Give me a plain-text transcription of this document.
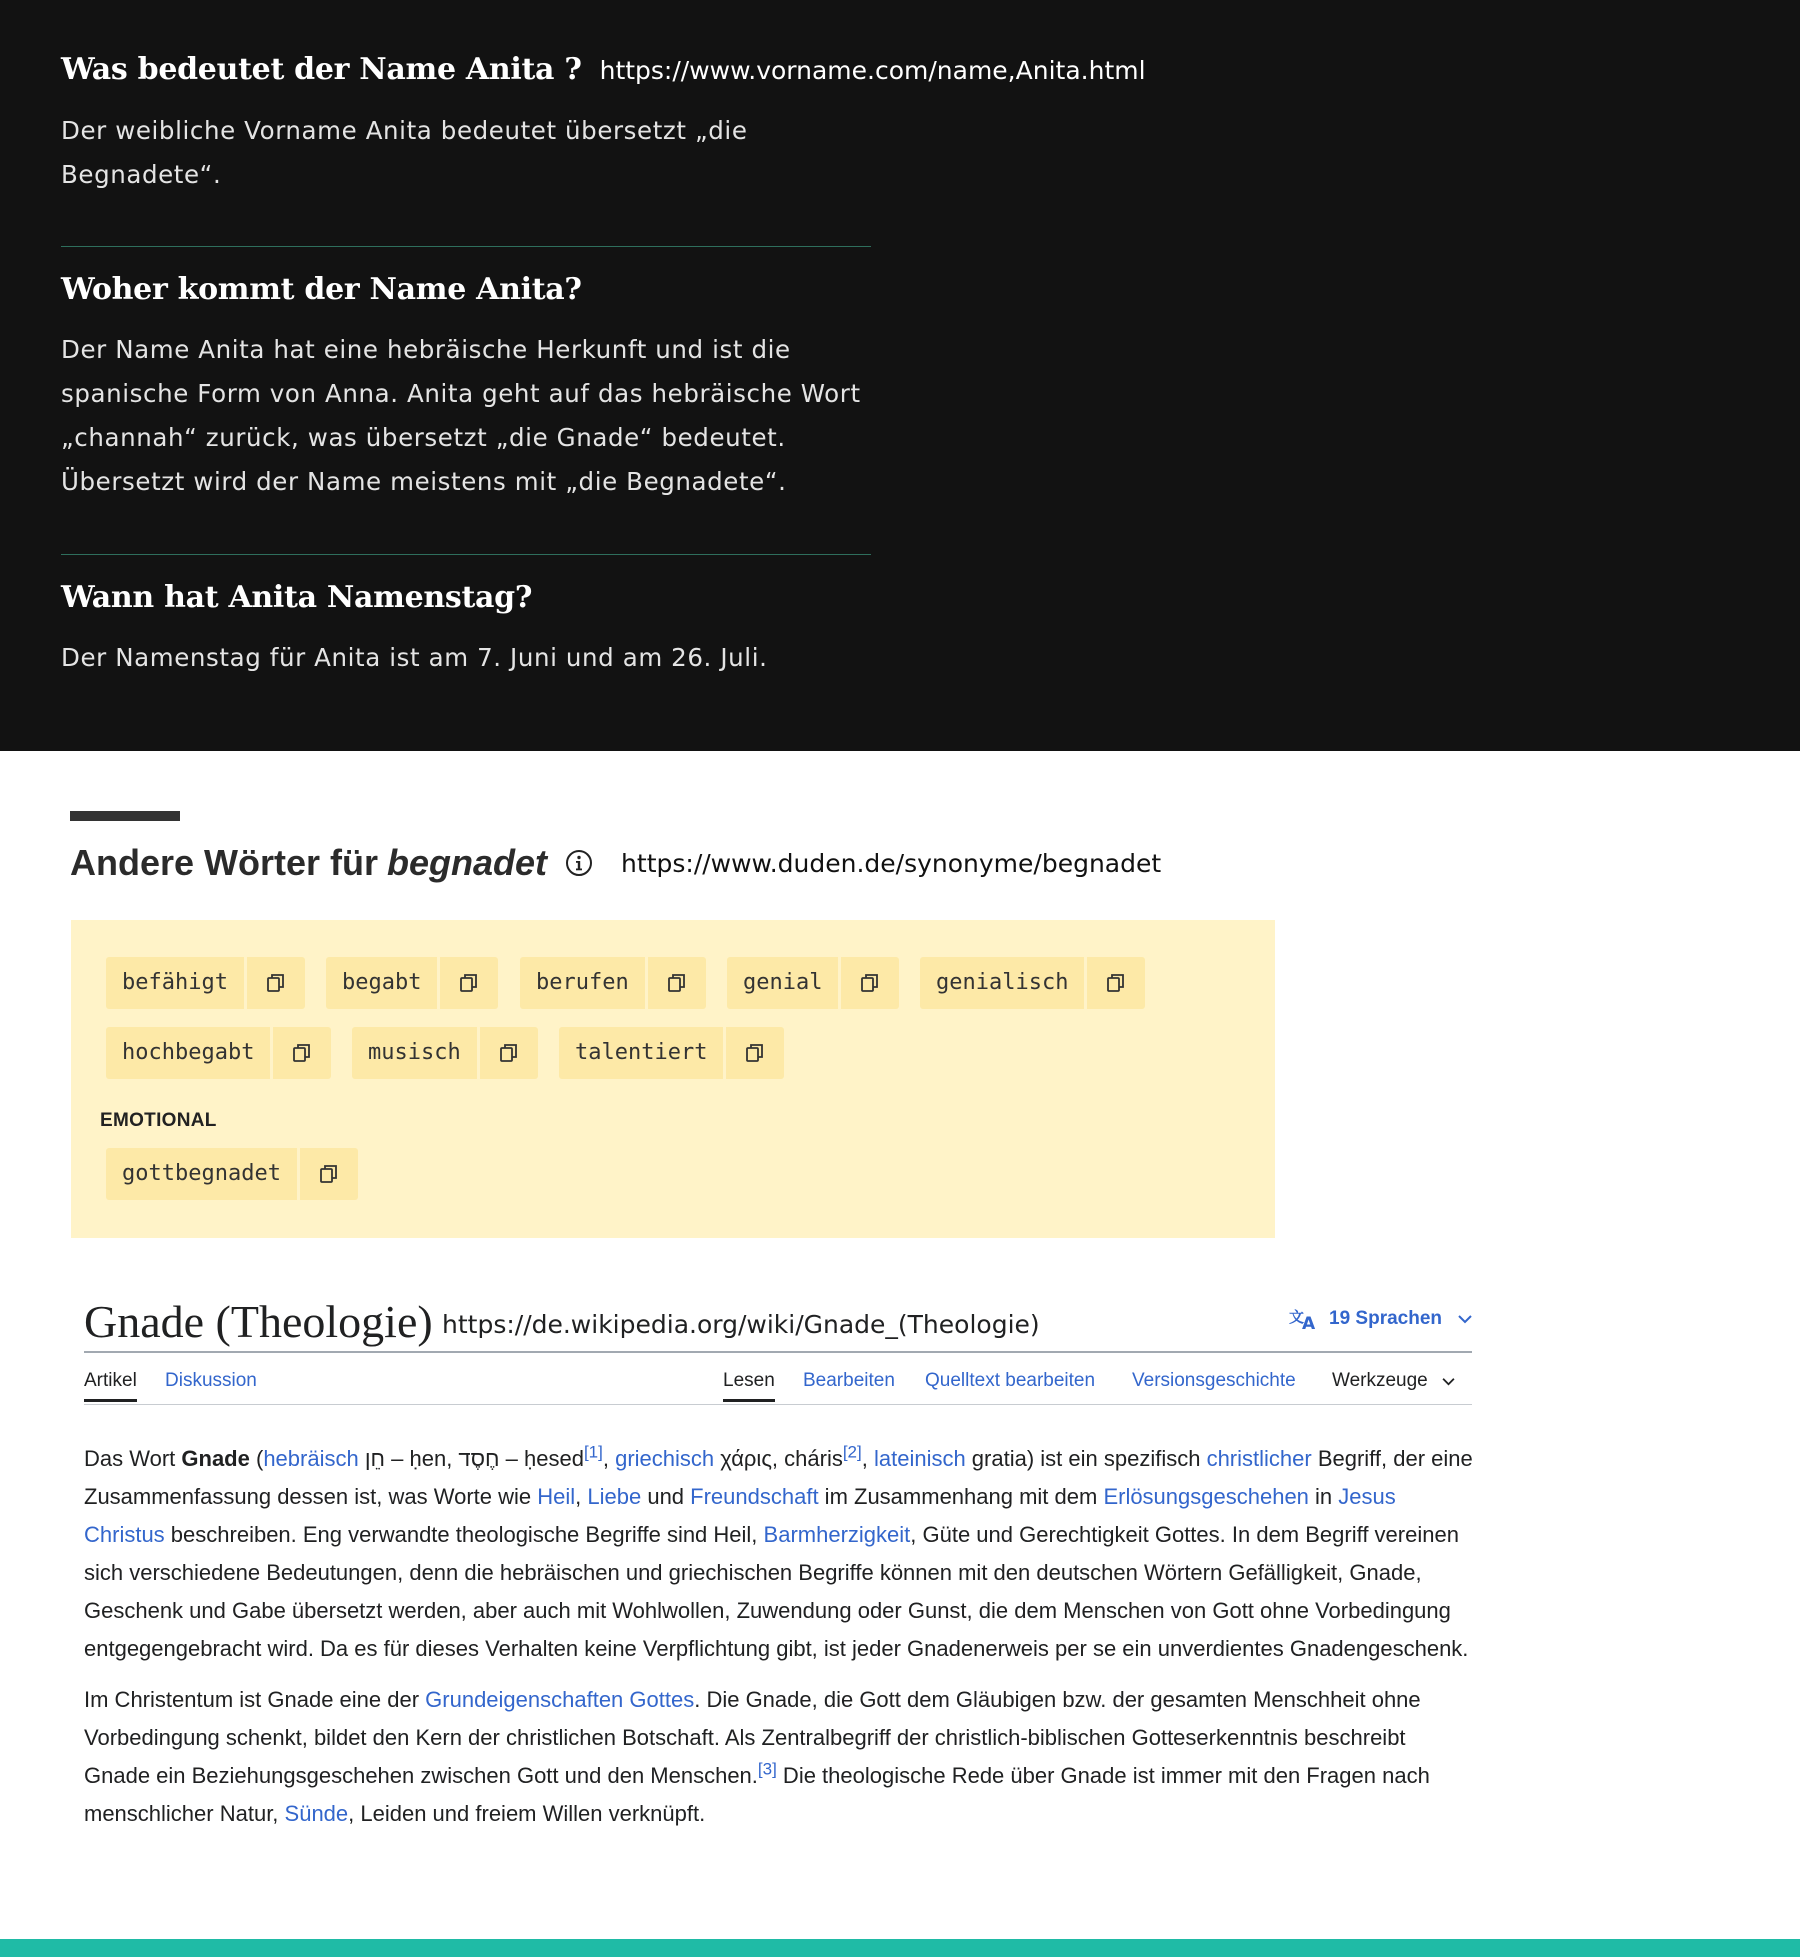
Was bedeutet der Name Anita ? https://www.vorname.com/name,Anita.html

Der weibliche Vorname Anita bedeutet übersetzt „die
Begnadete“.

Woher kommt der Name Anita?

Der Name Anita hat eine hebräische Herkunft und ist die
spanische Form von Anna. Anita geht auf das hebräische Wort
„channah“ zurück, was übersetzt „die Gnade“ bedeutet.
Übersetzt wird der Name meistens mit „die Begnadete“.

Wann hat Anita Namenstag?

Der Namenstag für Anita ist am 7. Juni und am 26. Juli.

Andere Wörter für begnadet	https://www.duden.de/synonyme/begnadet
befähigt	begabt	berufen	genial	genialisch
hochbegabt	musisch	talentiert
EMOTIONAL
gottbegnadet
Gnade (Theologie) https://de.wikipedia.org/wiki/Gnade_(Theologie)	文
A 19 Sprachen
Artikel Diskussion	Lesen Bearbeiten Quelltext bearbeiten Versionsgeschichte Werkzeuge

Das Wort Gnade (hebräisch חֵן – ḥen, חֶסֶד – ḥesed[1], griechisch χάρις, cháris[2], lateinisch gratia) ist ein spezifisch christlicher Begriff, der eine Zusammenfassung dessen ist, was Worte wie Heil, Liebe und Freundschaft im Zusammenhang mit dem Erlösungsgeschehen in Jesus Christus beschreiben. Eng verwandte theologische Begriffe sind Heil, Barmherzigkeit, Güte und Gerechtigkeit Gottes. In dem Begriff vereinen sich verschiedene Bedeutungen, denn die hebräischen und griechischen Begriffe können mit den deutschen Wörtern Gefälligkeit, Gnade, Geschenk und Gabe übersetzt werden, aber auch mit Wohlwollen, Zuwendung oder Gunst, die dem Menschen von Gott ohne Vorbedingung entgegengebracht wird. Da es für dieses Verhalten keine Verpflichtung gibt, ist jeder Gnadenerweis per se ein unverdientes Gnadengeschenk.

Im Christentum ist Gnade eine der Grundeigenschaften Gottes. Die Gnade, die Gott dem Gläubigen bzw. der gesamten Menschheit ohne Vorbedingung schenkt, bildet den Kern der christlichen Botschaft. Als Zentralbegriff der christlich-biblischen Gotteserkenntnis beschreibt Gnade ein Beziehungsgeschehen zwischen Gott und den Menschen.[3] Die theologische Rede über Gnade ist immer mit den Fragen nach menschlicher Natur, Sünde, Leiden und freiem Willen verknüpft.
